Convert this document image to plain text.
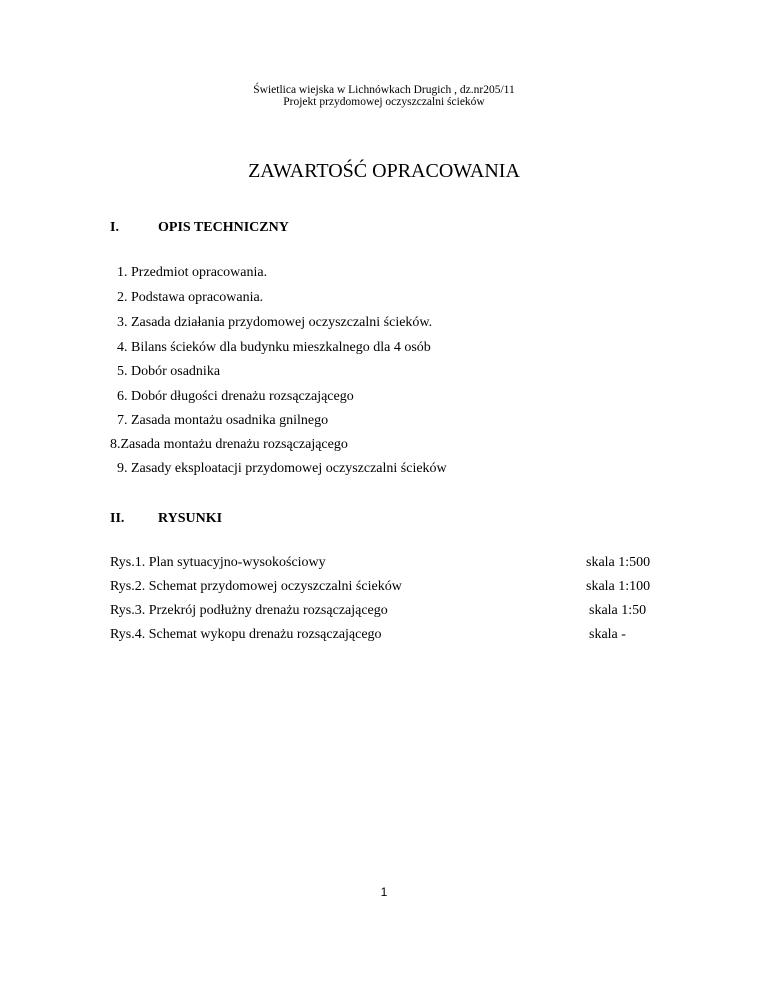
Świetlica wiejska w Lichnówkach Drugich , dz.nr205/11
Projekt przydomowej oczyszczalni ścieków
ZAWARTOŚĆ OPRACOWANIA
I.	OPIS TECHNICZNY
1. Przedmiot opracowania.
2. Podstawa opracowania.
3. Zasada działania przydomowej oczyszczalni ścieków.
4. Bilans ścieków dla budynku mieszkalnego dla 4 osób
5. Dobór osadnika
6. Dobór długości drenażu rozsączającego
7. Zasada montażu osadnika gnilnego
8.Zasada montażu drenażu rozsączającego
9. Zasady eksploatacji przydomowej oczyszczalni ścieków
II. RYSUNKI
Rys.1. Plan sytuacyjno-wysokościowy	skala 1:500
Rys.2. Schemat przydomowej oczyszczalni ścieków	skala 1:100
Rys.3. Przekrój podłużny drenażu rozsączającego	skala 1:50
Rys.4. Schemat wykopu drenażu rozsączającego	skala -
1
